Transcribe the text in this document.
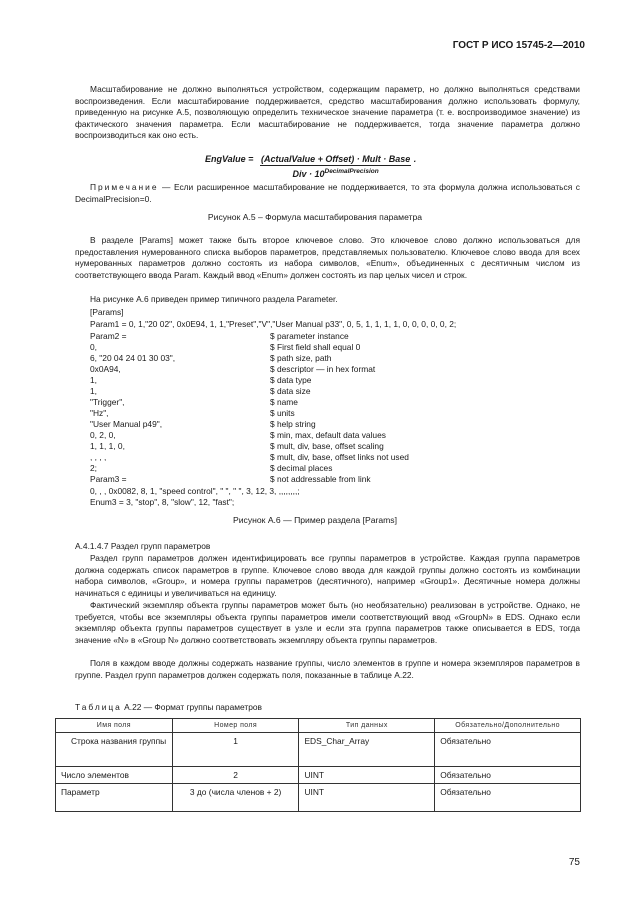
ГОСТ Р ИСО 15745-2—2010

Масштабирование не должно выполняться устройством, содержащим параметр, но должно выполняться средствами воспроизведения. Если масштабирование поддерживается, средство масштабирования должно использовать формулу, приведенную на рисунке А.5, позволяющую определить техническое значение параметра (т. е. воспроизводимое значение) из фактического значения параметра. Если масштабирование не поддерживается, тогда значение параметра должно воспроизводиться как оно есть.

EngValue = (ActualValue + Offset) · Mult · Base
Div · $10^{DecimalPrecision}$
.

Примечание — Если расширенное масштабирование не поддерживается, то эта формула должна использоваться с DecimalPrecision=0.

Рисунок А.5 – Формула масштабирования параметра

В разделе [Params] может также быть второе ключевое слово. Это ключевое слово должно использоваться для предоставления нумерованного списка выборов параметров, представляемых пользователю. Ключевое слово ввода для всех нумерованных параметров должно состоять из набора символов, «Enum», объединенных с десятичным числом из соответствующего ввода Param. Каждый ввод «Enum» должен состоять из пар целых чисел и строк.

На рисунке А.6 приведен пример типичного раздела Parameter.
[Params]
Param1 = 0, 1,"20 02", 0x0E94, 1, 1,"Preset","V","User Manual p33", 0, 5, 1, 1, 1, 1, 0, 0, 0, 0, 0, 2;
Param2 =	$ parameter instance
0,	$ First field shall equal 0
6, "20 04 24 01 30 03",	$ path size, path
0x0A94,	$ descriptor — in hex format
1,	$ data type
1,	$ data size
"Trigger",	$ name
"Hz",	$ units
"User Manual p49",	$ help string
0, 2, 0,	$ min, max, default data values
1, 1, 1, 0,	$ mult, div, base, offset scaling
, , , ,	$ mult, div, base, offset links not used
2;	$ decimal places
Param3 =	$ not addressable from link
0, , , 0x0082, 8, 1, "speed control", " ", " ", 3, 12, 3, ,,,,,,,,;
Enum3 = 3, "stop", 8, "slow", 12, "fast";
Рисунок А.6 — Пример раздела [Params]
А.4.1.4.7 Раздел групп параметров

Раздел групп параметров должен идентифицировать все группы параметров в устройстве. Каждая группа параметров должна содержать список параметров в группе. Ключевое слово ввода для каждой группы должно состоять из комбинации набора символов, «Group», и номера группы параметров (десятичного), например «Group1». Десятичные номера должны начинаться с единицы и увеличиваться на единицу.

Фактический экземпляр объекта группы параметров может быть (но необязательно) реализован в устройстве. Однако, не требуется, чтобы все экземпляры объекта группы параметров имели соответствующий ввод «GroupN» в EDS. Однако если экземпляр объекта группы параметров существует в узле и если эта группа параметров также описывается в EDS, тогда значение «N» в «Group N» должно соответствовать экземпляру объекта группы параметров.

Поля в каждом вводе должны содержать название группы, число элементов в группе и номера экземпляров параметров в группе. Раздел групп параметров должен содержать поля, показанные в таблице А.22.

Таблица А.22 — Формат группы параметров
Имя поля	Номер поля	Тип данных	Обязательно/Дополнительно
Строка названия группы	1	EDS_Char_Array	Обязательно
Число элементов	2	UINT	Обязательно
Параметр	3 до (числа членов + 2)	UINT	Обязательно
75
